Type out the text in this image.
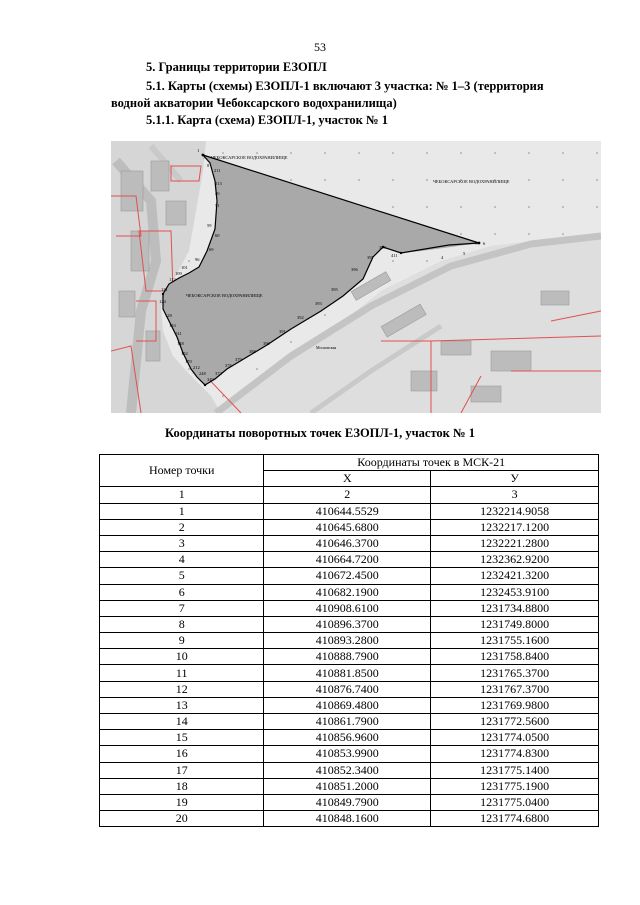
53
5. Границы территории ЕЗОПЛ
5.1. Карты (схемы) ЕЗОПЛ-1 включают 3 участка: № 1–3 (территория
водной акватории Чебоксарского водохранилища)
5.1.1. Карта (схема) ЕЗОПЛ-1, участок № 1
ЧЕБОКСАРСКОЕ ВОДОХРАНИЛИЩЕ
ЧЕБОКСАРСКОЕ ВОДОХРАНИЛИЩЕ
ЧЕБОКСАРСКОЕ ВОДОХРАНИЛИЩЕ
Московская
1
6
4
5
7
8
211
213
40
51
59
60
69
96
101
109
112
121
124
128
133
141
148
152
170
212
248
349
373
376
379
388
390
391
392
393
395
396
397
399
411
Координаты поворотных точек ЕЗОПЛ-1, участок № 1
Номер точки	Координаты точек в МСК-21	
	Х	У
1	2	3
1	410644.5529	1232214.9058
2	410645.6800	1232217.1200
3	410646.3700	1232221.2800
4	410664.7200	1232362.9200
5	410672.4500	1232421.3200
6	410682.1900	1232453.9100
7	410908.6100	1231734.8800
8	410896.3700	1231749.8000
9	410893.2800	1231755.1600
10	410888.7900	1231758.8400
11	410881.8500	1231765.3700
12	410876.7400	1231767.3700
13	410869.4800	1231769.9800
14	410861.7900	1231772.5600
15	410856.9600	1231774.0500
16	410853.9900	1231774.8300
17	410852.3400	1231775.1400
18	410851.2000	1231775.1900
19	410849.7900	1231775.0400
20	410848.1600	1231774.6800
